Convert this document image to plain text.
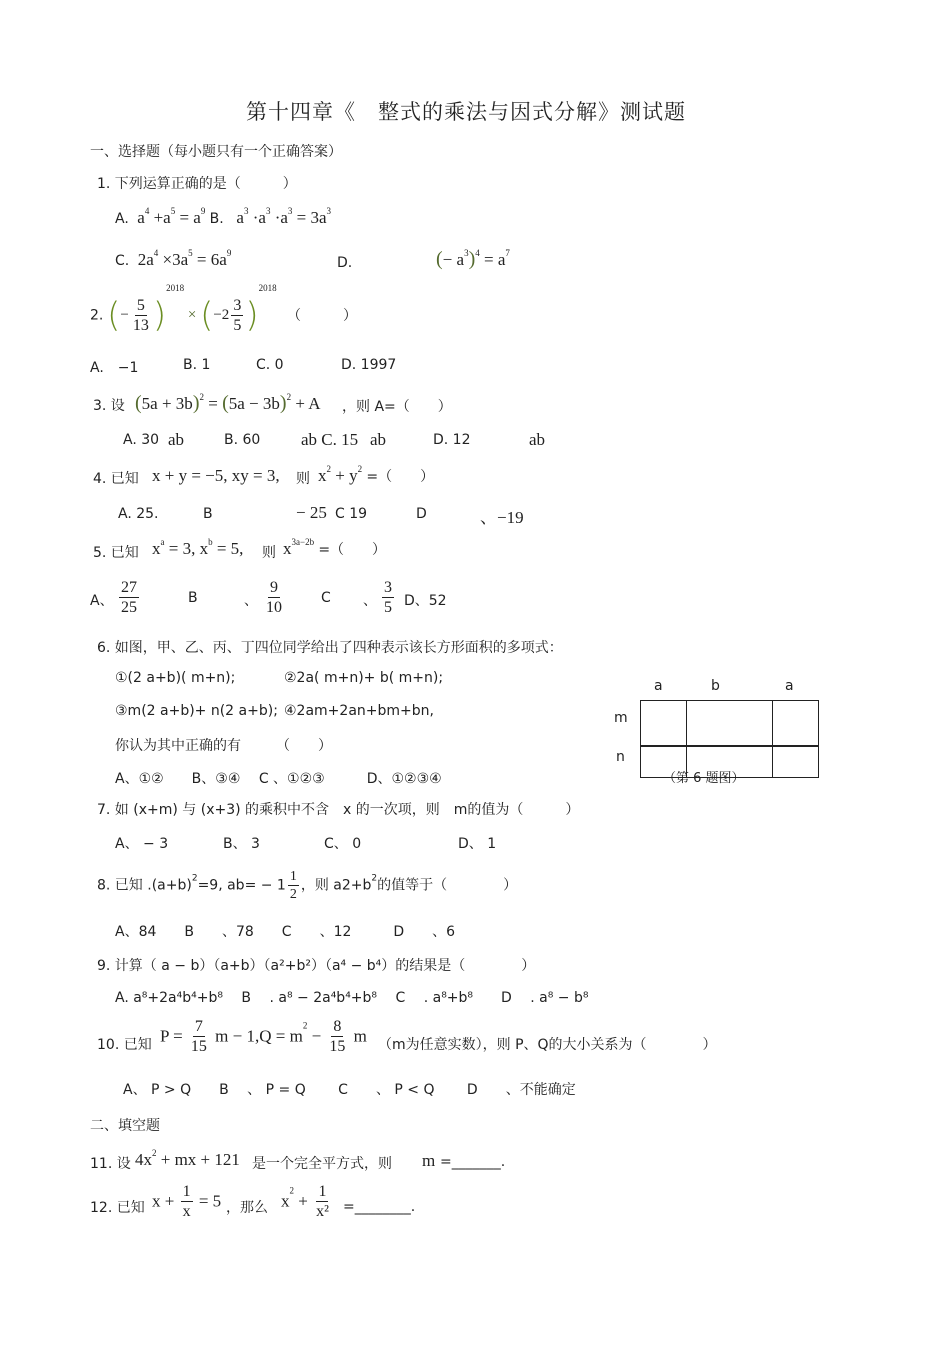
第十四章《　整式的乘法与因式分解》测试题
一、选择题（每小题只有一个正确答案）
1. 下列运算正确的是（　　　）
A. $a^4 +a^5 = a^9$ B. $a^3 \cdot a^3 \cdot a^3 = 3a^3$
C. $2a^4 \times 3a^5 = 6a^9$
D.	(− $a^3)^4 = a^7$
2. (− $\frac{5}{13} )^{2018} \times (-2 \frac{3}{5} )^{2018}$
（　　　）
A.　−1	B. 1	C. 0	D. 1997
3. 设 $(5a + 3b)^2 = (5a - 3b)^2 + A$ ，则 A=（　　）
A. 30 ab	B. 60 ab C. 15 ab	D. 12	ab
4. 已知 x + y = −5, xy = 3, 则 $x^2 + y^2$ =（　　）
A. 25.	B	− 25 C 19	D	、−19
5. 已知 $x^a = 3$, $x^b = 5$, 则 $x^{3a-2b}$ =（　　）
A、 $\frac{27}{25}$	B	、 $\frac{9}{10}$	C 、 $\frac{3}{5}$ D、52
6. 如图，甲、乙、丙、丁四位同学给出了四种表示该长方形面积的多项式：
①(2 a+b)( m+n);	②2a( m+n)+ b( m+n);
③m(2 a+b)+ n(2 a+b); ④2am+2an+bm+bn,
你认为其中正确的有　　　（　　）
A、①②　　B、③④　 C 、①②③　　　D、①②③④
a	b	a
m
n
（第 6 题图）
7. 如 (x+m) 与 (x+3) 的乘积中不含　x 的一次项，则　m的值为（　　　）
A、 − 3	B、 3	C、 0	D、 1
8. 已知 $.(a+b)^2=9$, $ab= - 1 \frac{1}{2}$ ，则 $a2+b^2$的值等于（　　　　）
A、84　　B　　、78　　C　　、12　　　D　　、6
9. 计算（ a − b）（a+b）（a²+b²）（a⁴ − b⁴）的结果是（　　　　）
A. a⁸+2a⁴b⁴+b⁸　 B　 . a⁸ − 2a⁴b⁴+b⁸　 C　 . a⁸+b⁸　　D　 . a⁸ − b⁸
10. 已知 $P = \frac{7}{15}$ $m - 1,Q = m^2 - \frac{8}{15}$ m （m为任意实数），则 P、Q的大小关系为（　　　　）
A、 P > Q　　B　 、 P = Q　　 C　　、 P < Q　　 D　　、不能确定
二、填空题
11. 设 $4x^2$ + mx + 121 是一个完全平方式，则 m =_______.
12. 已知 $x + \frac{1}{x} = 5$ ，那么 $x^2 + \frac{1}{\text{x²}}$ =________.
